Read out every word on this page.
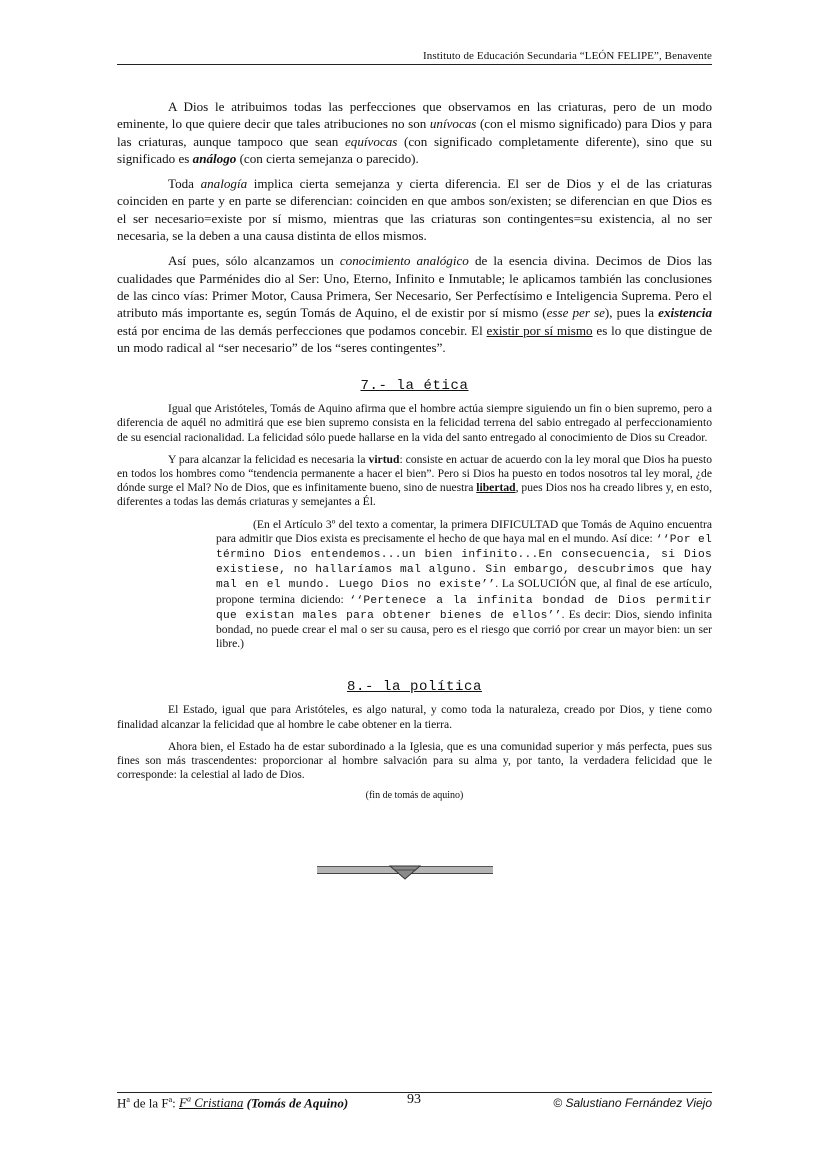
Instituto de Educación Secundaria “LEÓN FELIPE”, Benavente

A Dios le atribuimos todas las perfecciones que observamos en las criaturas, pero de un modo eminente, lo que quiere decir que tales atribuciones no son unívocas (con el mismo significado) para Dios y para las criaturas, aunque tampoco que sean equívocas (con significado completamente diferente), sino que su significado es análogo (con cierta semejanza o parecido).

Toda analogía implica cierta semejanza y cierta diferencia. El ser de Dios y el de las criaturas coinciden en parte y en parte se diferencian: coinciden en que ambos son/existen; se diferencian en que Dios es el ser necesario=existe por sí mismo, mientras que las criaturas son contingentes=su existencia, al no ser necesaria, se la deben a una causa distinta de ellos mismos.

Así pues, sólo alcanzamos un conocimiento analógico de la esencia divina. Decimos de Dios las cualidades que Parménides dio al Ser: Uno, Eterno, Infinito e Inmutable; le aplicamos también las conclusiones de las cinco vías: Primer Motor, Causa Primera, Ser Necesario, Ser Perfectísimo e Inteligencia Suprema. Pero el atributo más importante es, según Tomás de Aquino, el de existir por sí mismo (esse per se), pues la existencia está por encima de las demás perfecciones que podamos concebir. El existir por sí mismo es lo que distingue de un modo radical al “ser necesario” de los “seres contingentes”.

7.- la ética

Igual que Aristóteles, Tomás de Aquino afirma que el hombre actúa siempre siguiendo un fin o bien supremo, pero a diferencia de aquél no admitirá que ese bien supremo consista en la felicidad terrena del sabio entregado al perfeccionamiento de su esencial racionalidad. La felicidad sólo puede hallarse en la vida del santo entregado al conocimiento de Dios su Creador.

Y para alcanzar la felicidad es necesaria la virtud: consiste en actuar de acuerdo con la ley moral que Dios ha puesto en todos los hombres como “tendencia permanente a hacer el bien”. Pero si Dios ha puesto en todos nosotros tal ley moral, ¿de dónde surge el Mal? No de Dios, que es infinitamente bueno, sino de nuestra libertad, pues Dios nos ha creado libres y, en esto, diferentes a todas las demás criaturas y semejantes a Él.

(En el Artículo 3º del texto a comentar, la primera DIFICULTAD que Tomás de Aquino encuentra para admitir que Dios exista es precisamente el hecho de que haya mal en el mundo. Así dice: ‘‘Por el término Dios entendemos...un bien infinito...En consecuencia, si Dios existiese, no hallaríamos mal alguno. Sin embargo, descubrimos que hay mal en el mundo. Luego Dios no existe’’. La SOLUCIÓN que, al final de ese artículo, propone termina diciendo: ‘‘Pertenece a la infinita bondad de Dios permitir que existan males para obtener bienes de ellos’’. Es decir: Dios, siendo infinita bondad, no puede crear el mal o ser su causa, pero es el riesgo que corrió por crear un mayor bien: un ser libre.)

8.- la política

El Estado, igual que para Aristóteles, es algo natural, y como toda la naturaleza, creado por Dios, y tiene como finalidad alcanzar la felicidad que al hombre le cabe obtener en la tierra.

Ahora bien, el Estado ha de estar subordinado a la Iglesia, que es una comunidad superior y más perfecta, pues sus fines son más trascendentes: proporcionar al hombre salvación para su alma y, por tanto, la verdadera felicidad que le corresponde: la celestial al lado de Dios.

(fin de tomás de aquino)
$H^a$ de la $F^a$: $F^a$ Cristiana (Tomás de Aquino)	93	© Salustiano Fernández Viejo
